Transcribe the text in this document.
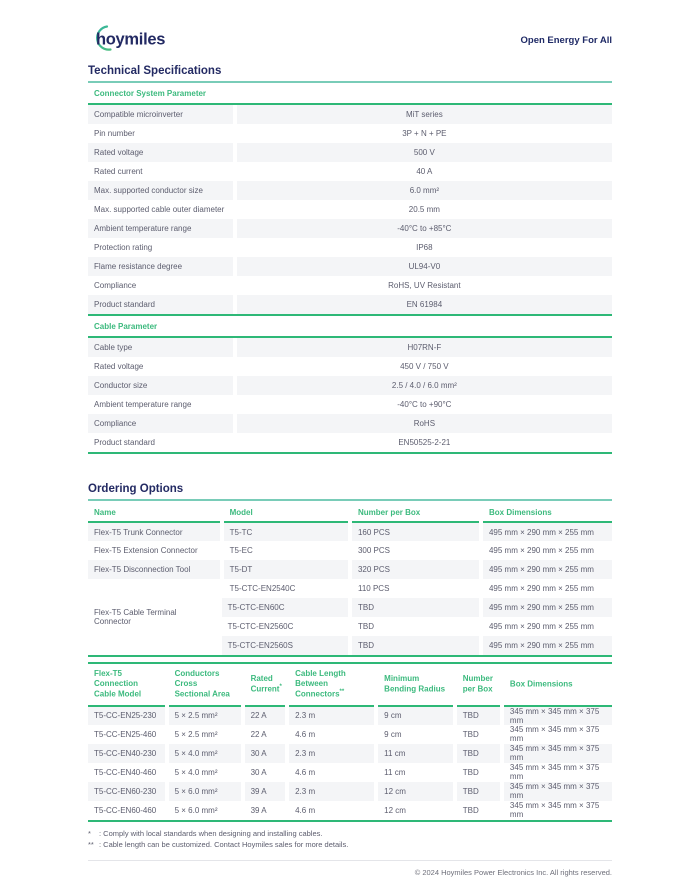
hoymiles	Open Energy For All
Technical Specifications
Connector System Parameter
Compatible microinverter	MiT series
Pin number	3P + N + PE
Rated voltage	500 V
Rated current	40 A
Max. supported conductor size	6.0 mm²
Max. supported cable outer diameter	20.5 mm
Ambient temperature range	-40°C to +85°C
Protection rating	IP68
Flame resistance degree	UL94-V0
Compliance	RoHS, UV Resistant
Product standard	EN 61984
Cable Parameter
Cable type	H07RN-F
Rated voltage	450 V / 750 V
Conductor size	2.5 / 4.0 / 6.0 mm²
Ambient temperature range	-40°C to +90°C
Compliance	RoHS
Product standard	EN50525-2-21
Ordering Options
Name	Model	Number per Box	Box Dimensions
Flex-T5 Trunk Connector	T5-TC	160 PCS	495 mm × 290 mm × 255 mm
Flex-T5 Extension Connector	T5-EC	300 PCS	495 mm × 290 mm × 255 mm
Flex-T5 Disconnection Tool	T5-DT	320 PCS	495 mm × 290 mm × 255 mm
Flex-T5 Cable Terminal Connector	T5-CTC-EN2540C	110 PCS	495 mm × 290 mm × 255 mm
	T5-CTC-EN60C	TBD	495 mm × 290 mm × 255 mm
	T5-CTC-EN2560C	TBD	495 mm × 290 mm × 255 mm
	T5-CTC-EN2560S	TBD	495 mm × 290 mm × 255 mm
Flex-T5 Connection Cable Model	Conductors Cross Sectional Area	Rated Current*	Cable Length Between Connectors**	Minimum Bending Radius	Number per Box	Box Dimensions
T5-CC-EN25-230	5 × 2.5 mm²	22 A	2.3 m	9 cm	TBD	345 mm × 345 mm × 375 mm
T5-CC-EN25-460	5 × 2.5 mm²	22 A	4.6 m	9 cm	TBD	345 mm × 345 mm × 375 mm
T5-CC-EN40-230	5 × 4.0 mm²	30 A	2.3 m	11 cm	TBD	345 mm × 345 mm × 375 mm
T5-CC-EN40-460	5 × 4.0 mm²	30 A	4.6 m	11 cm	TBD	345 mm × 345 mm × 375 mm
T5-CC-EN60-230	5 × 6.0 mm²	39 A	2.3 m	12 cm	TBD	345 mm × 345 mm × 375 mm
T5-CC-EN60-460	5 × 6.0 mm²	39 A	4.6 m	12 cm	TBD	345 mm × 345 mm × 375 mm
*	: Comply with local standards when designing and installing cables.
** : Cable length can be customized. Contact Hoymiles sales for more details.
© 2024 Hoymiles Power Electronics Inc. All rights reserved.
